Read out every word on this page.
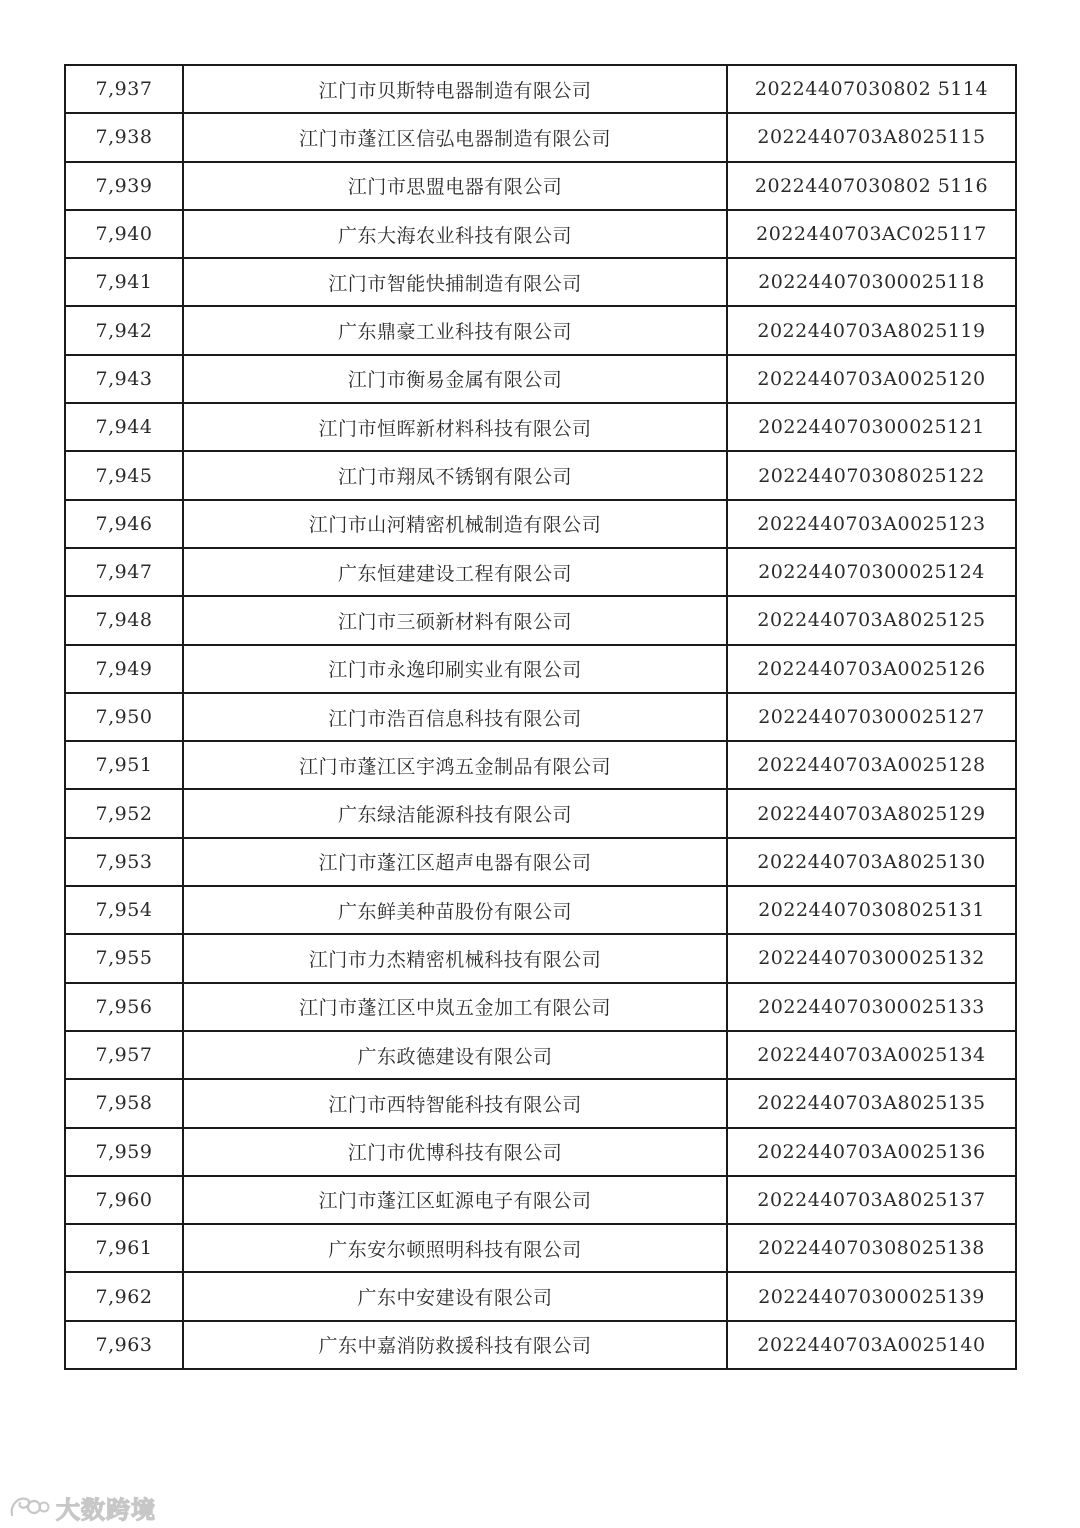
7,937	江门市贝斯特电器制造有限公司	20224407030802 5114
7,938	江门市蓬江区信弘电器制造有限公司	2022440703A8025115
7,939	江门市思盟电器有限公司	20224407030802 5116
7,940	广东大海农业科技有限公司	2022440703AC025117
7,941	江门市智能快捕制造有限公司	202244070300025118
7,942	广东鼎豪工业科技有限公司	2022440703A8025119
7,943	江门市衡易金属有限公司	2022440703A0025120
7,944	江门市恒晖新材料科技有限公司	202244070300025121
7,945	江门市翔凤不锈钢有限公司	202244070308025122
7,946	江门市山河精密机械制造有限公司	2022440703A0025123
7,947	广东恒建建设工程有限公司	202244070300025124
7,948	江门市三硕新材料有限公司	2022440703A8025125
7,949	江门市永逸印刷实业有限公司	2022440703A0025126
7,950	江门市浩百信息科技有限公司	202244070300025127
7,951	江门市蓬江区宇鸿五金制品有限公司	2022440703A0025128
7,952	广东绿洁能源科技有限公司	2022440703A8025129
7,953	江门市蓬江区超声电器有限公司	2022440703A8025130
7,954	广东鲜美种苗股份有限公司	202244070308025131
7,955	江门市力杰精密机械科技有限公司	202244070300025132
7,956	江门市蓬江区中岚五金加工有限公司	202244070300025133
7,957	广东政德建设有限公司	2022440703A0025134
7,958	江门市西特智能科技有限公司	2022440703A8025135
7,959	江门市优博科技有限公司	2022440703A0025136
7,960	江门市蓬江区虹源电子有限公司	2022440703A8025137
7,961	广东安尔顿照明科技有限公司	202244070308025138
7,962	广东中安建设有限公司	202244070300025139
7,963	广东中嘉消防救援科技有限公司	2022440703A0025140
大数跨境
